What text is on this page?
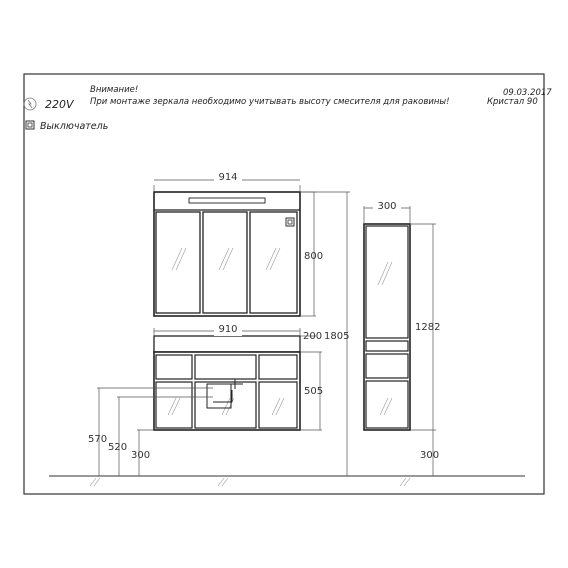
220V
Внимание!
При монтаже зеркала необходимо учитывать высоту смесителя для раковины!	Кристал 90
09.03.2017
Выключатель
914
910
800
200 1805
505
570
520
300
300
1282
300
